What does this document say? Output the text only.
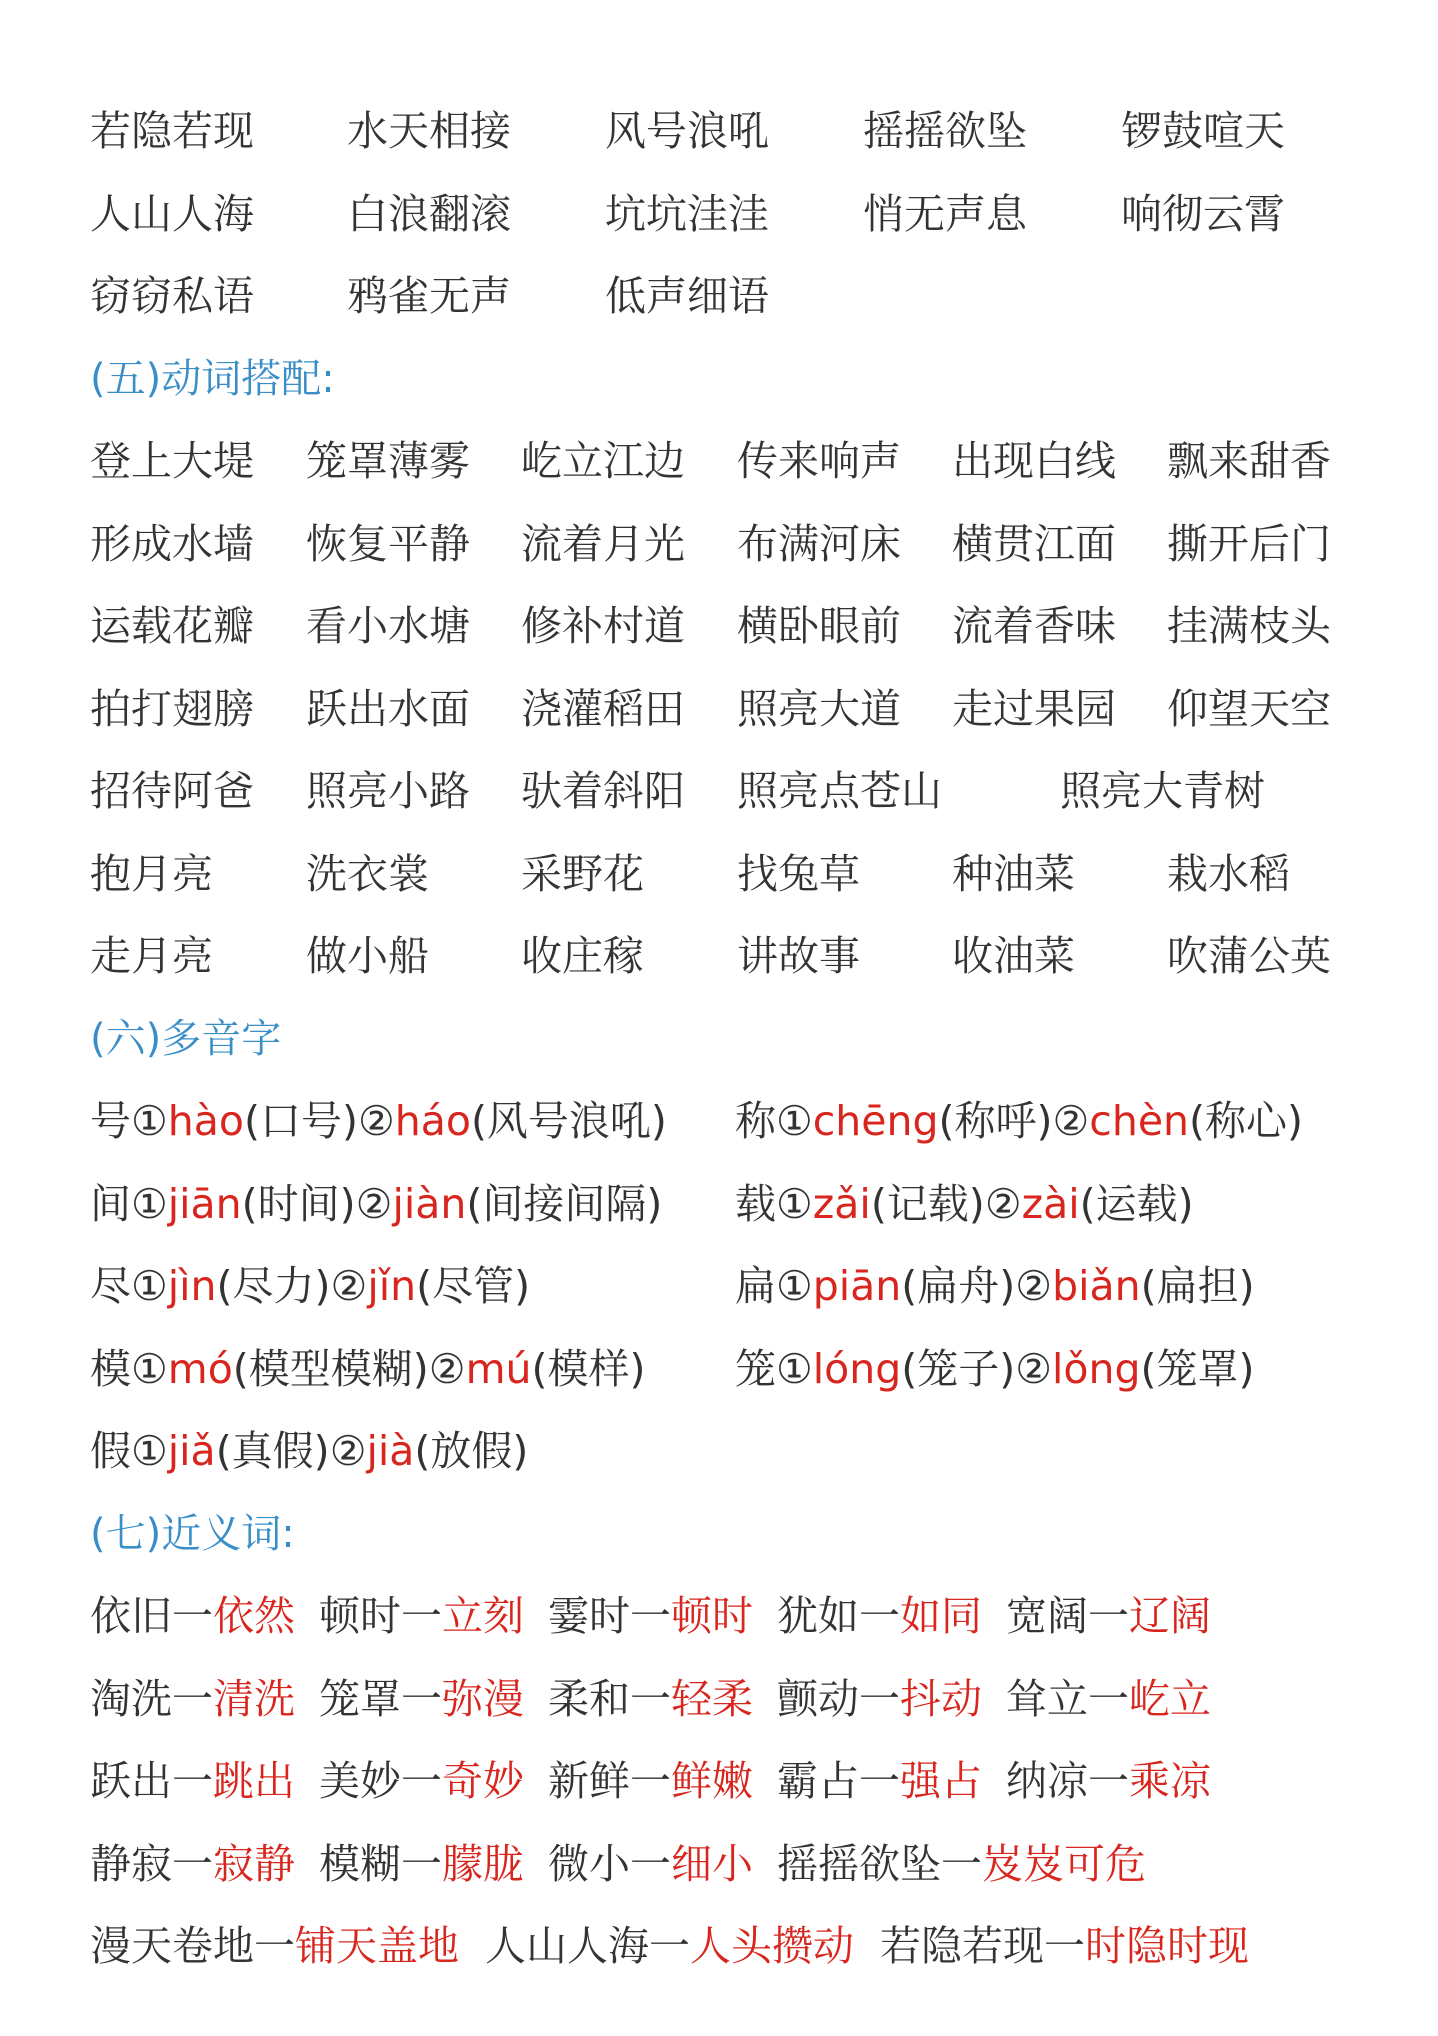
若隐若现 水天相接 风号浪吼 摇摇欲坠 锣鼓喧天
人山人海 白浪翻滚 坑坑洼洼 悄无声息 响彻云霄
窃窃私语 鸦雀无声 低声细语
(五)动词搭配:
登上大堤 笼罩薄雾 屹立江边 传来响声 出现白线 飘来甜香
形成水墙 恢复平静 流着月光 布满河床 横贯江面 撕开后门
运载花瓣 看小水塘 修补村道 横卧眼前 流着香味 挂满枝头
拍打翅膀 跃出水面 浇灌稻田 照亮大道 走过果园 仰望天空
招待阿爸 照亮小路 驮着斜阳 照亮点苍山	照亮大青树
抱月亮 洗衣裳 采野花 找兔草 种油菜 栽水稻
走月亮 做小船 收庄稼 讲故事 收油菜 吹蒲公英
(六)多音字
号①hào(口号)②háo(风号浪吼) 称①chēng(称呼)②chèn(称心)
间①jiān(时间)②jiàn(间接间隔) 载①zǎi(记载)②zài(运载)
尽①jìn(尽力)②jǐn(尽管)	扁①piān(扁舟)②biǎn(扁担)
模①mó(模型模糊)②mú(模样) 笼①lóng(笼子)②lǒng(笼罩)
假①jiǎ(真假)②jià(放假)
(七)近义词:
依旧一依然 顿时一立刻 霎时一顿时 犹如一如同 宽阔一辽阔
淘洗一清洗 笼罩一弥漫 柔和一轻柔 颤动一抖动 耸立一屹立
跃出一跳出 美妙一奇妙 新鲜一鲜嫩 霸占一强占 纳凉一乘凉
静寂一寂静 模糊一朦胧 微小一细小 摇摇欲坠一岌岌可危
漫天卷地一铺天盖地 人山人海一人头攒动 若隐若现一时隐时现
